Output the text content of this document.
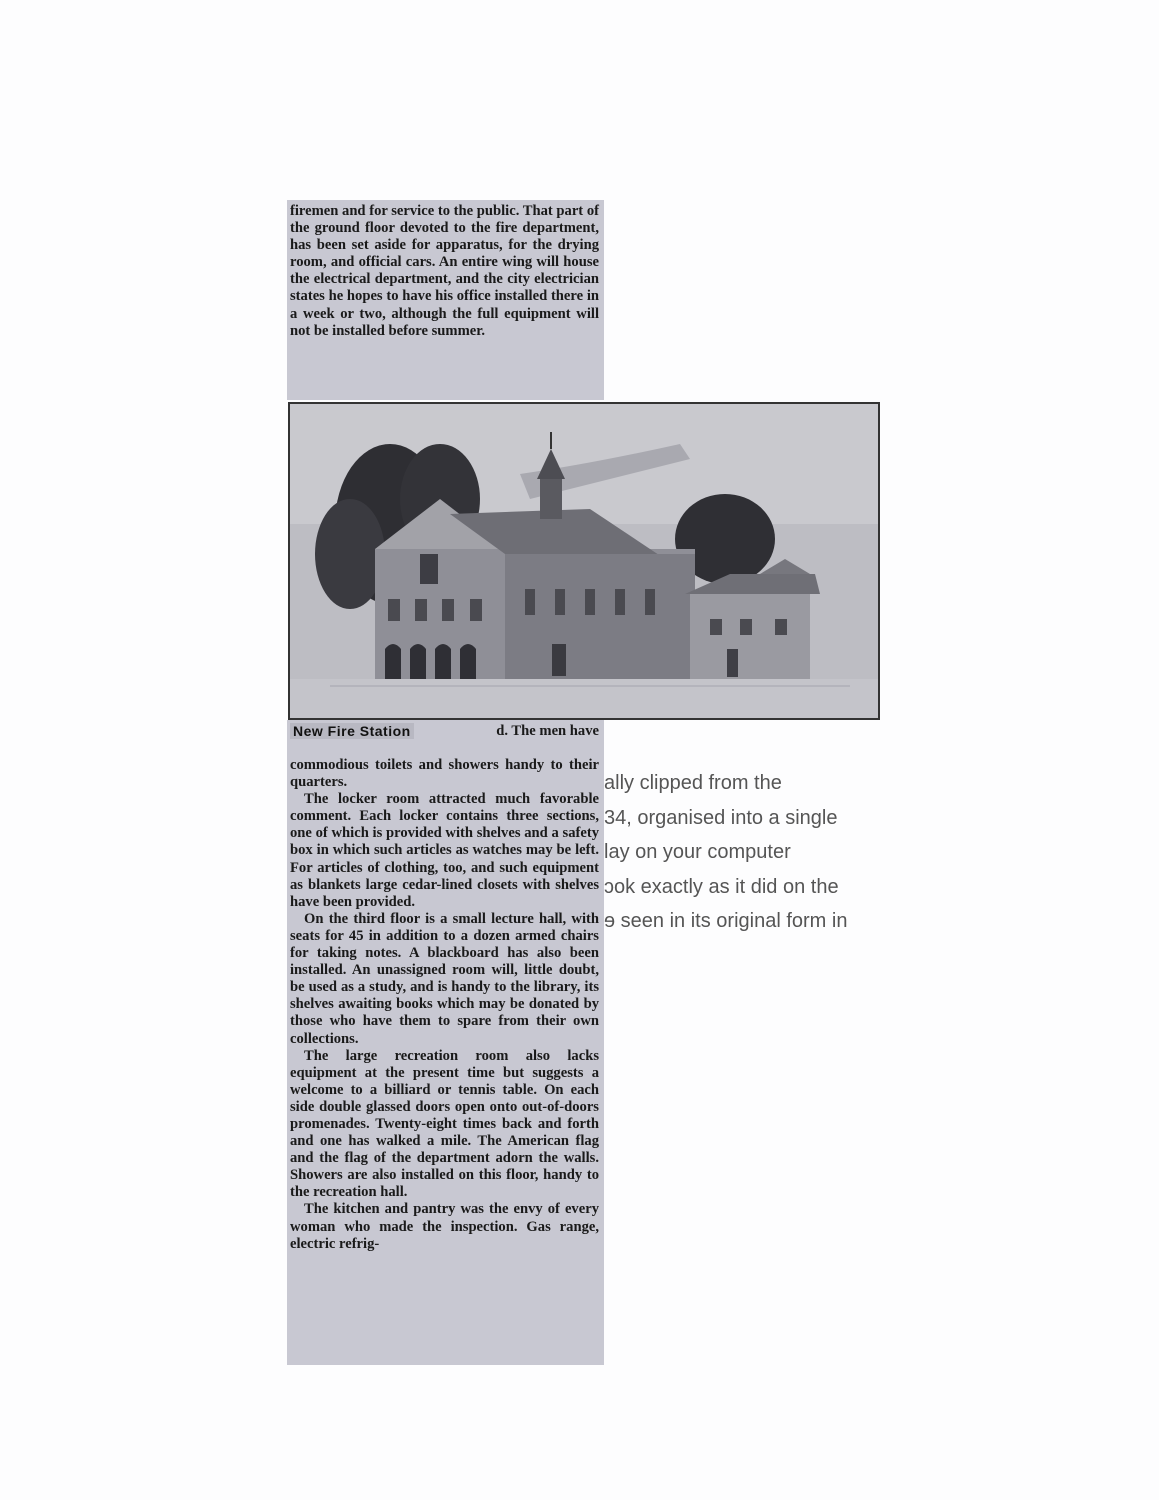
firemen and for service to the public. That part of the ground floor devoted to the fire department, has been set aside for apparatus, for the drying room, and official cars. An entire wing will house the electrical department, and the city electrician states he hopes to have his office installed there in a week or two, although the full equipment will not be installed before summer.

New Fire Station	d. The men have

commodious toilets and showers handy to their quarters.

The locker room attracted much favorable comment. Each locker contains three sections, one of which is provided with shelves and a safety box in which such articles as watches may be left. For articles of clothing, too, and such equipment as blankets large cedar-lined closets with shelves have been provided.

On the third floor is a small lecture hall, with seats for 45 in addition to a dozen armed chairs for taking notes. A blackboard has also been installed. An unassigned room will, little doubt, be used as a study, and is handy to the library, its shelves awaiting books which may be donated by those who have them to spare from their own collections.

The large recreation room also lacks equipment at the present time but suggests a welcome to a billiard or tennis table. On each side double glassed doors open onto out-of-doors promenades. Twenty-eight times back and forth and one has walked a mile. The American flag and the flag of the department adorn the walls. Showers are also installed on this floor, handy to the recreation hall.

The kitchen and pantry was the envy of every woman who made the inspection. Gas range, electric refrig-

ally clipped from the
34, organised into a single
lay on your computer
ɔok exactly as it did on the
ɘ seen in its original form in
